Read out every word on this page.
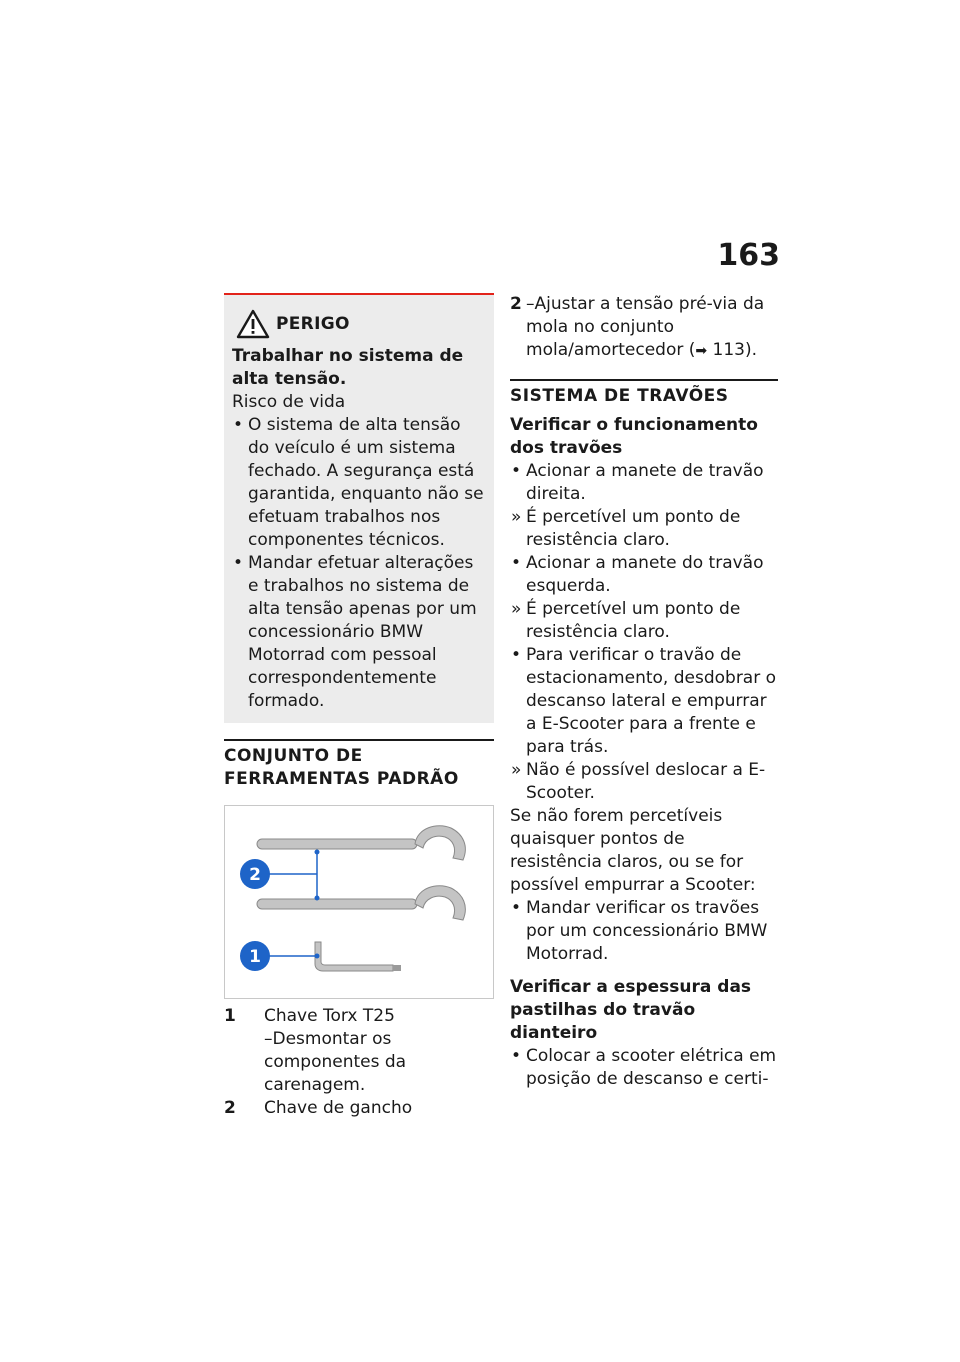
163
PERIGO
Trabalhar no sistema de alta tensão.
Risco de vida
• O sistema de alta tensão do veículo é um sistema fechado. A segurança está garantida, enquanto não se efetuam trabalhos nos componentes técnicos.
• Mandar efetuar alterações e trabalhos no sistema de alta tensão apenas por um concessionário BMW Motorrad com pessoal correspondentemente formado.
CONJUNTO DE FERRAMENTAS PADRÃO
2
1
1	Chave Torx T25
–Desmontar os componentes da carenagem.
2	Chave de gancho
2 –Ajustar a tensão pré-via da mola no conjunto mola/amortecedor (➡ 113).
SISTEMA DE TRAVÕES
Verificar o funcionamento dos travões
• Acionar a manete de travão direita.
» É percetível um ponto de resistência claro.
• Acionar a manete do travão esquerda.
» É percetível um ponto de resistência claro.
• Para verificar o travão de estacionamento, desdobrar o descanso lateral e empurrar a E-Scooter para a frente e para trás.
» Não é possível deslocar a E-Scooter.
Se não forem percetíveis quaisquer pontos de resistência claros, ou se for possível empurrar a Scooter:
• Mandar verificar os travões por um concessionário BMW Motorrad.
Verificar a espessura das pastilhas do travão dianteiro
• Colocar a scooter elétrica em posição de descanso e certi-
